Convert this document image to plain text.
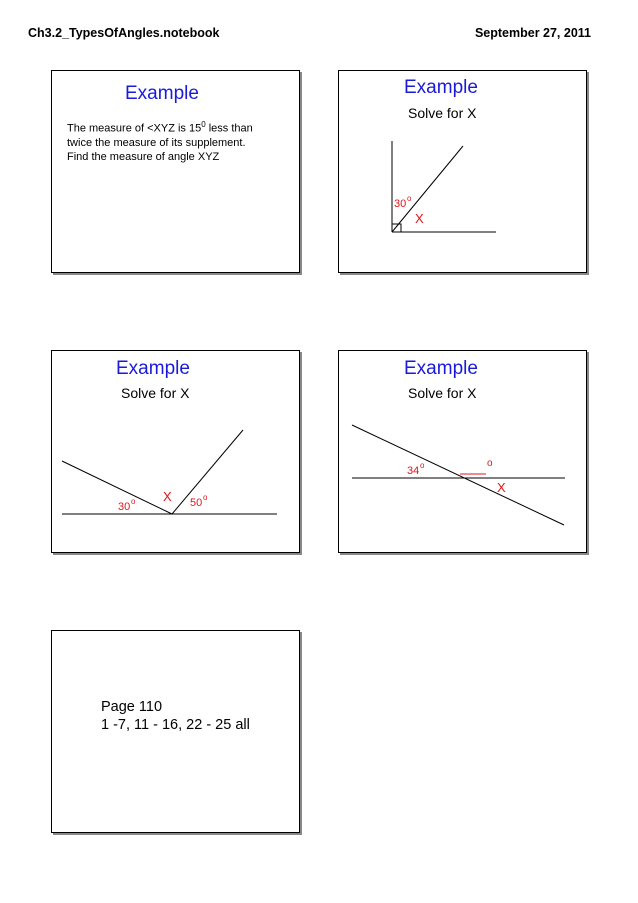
Ch3.2_TypesOfAngles.notebook	September 27, 2011
Example
The measure of <XYZ is $15^0$ less than
twice the measure of its supplement.
Find the measure of angle XYZ
Example
Solve for X
30 o
X
Example
Solve for X
30 o X 50 o
Example
Solve for X
34 o	o
X
Page 110
1 -7, 11 - 16, 22 - 25 all
